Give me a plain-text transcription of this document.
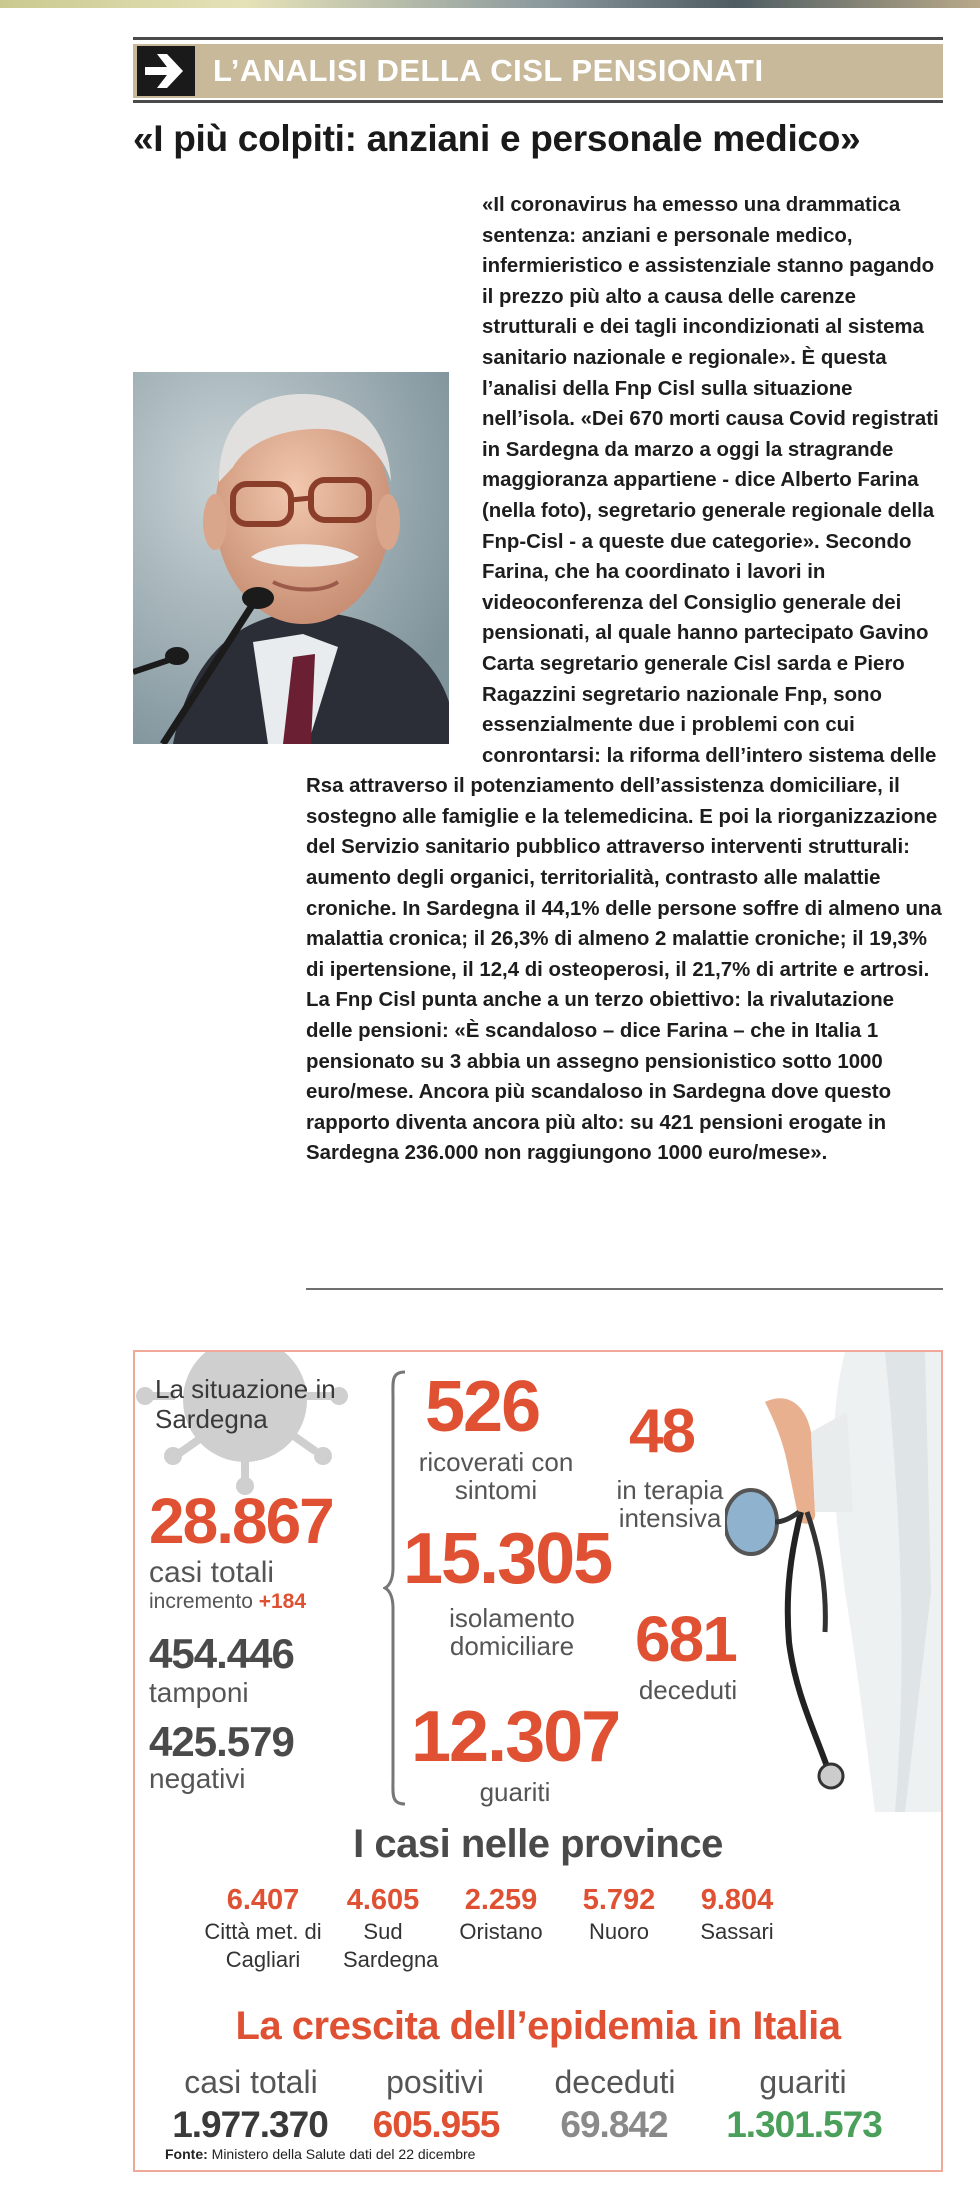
L’ANALISI DELLA CISL PENSIONATI
«I più colpiti: anziani e personale medico»
«Il coronavirus ha emesso una drammatica sentenza: anziani e personale medico, infermieristico e assistenziale stanno pagando il prezzo più alto a causa delle carenze strutturali e dei tagli incondizionati al sistema sanitario nazionale e regionale». È questa l’analisi della Fnp Cisl sulla situazione nell’isola. «Dei 670 morti causa Covid registrati in Sardegna da marzo a oggi la stragrande maggioranza appartiene - dice Alberto Farina (nella foto), segretario generale regionale della Fnp-Cisl - a queste due categorie». Secondo Farina, che ha coordinato i lavori in videoconferenza del Consiglio generale dei pensionati, al quale hanno partecipato Gavino Carta segretario generale Cisl sarda e Piero Ragazzini segretario nazionale Fnp, sono essenzialmente due i problemi con cui conrontarsi: la riforma dell’intero sistema delle Rsa attraverso il potenziamento dell’assistenza domiciliare, il sostegno alle famiglie e la telemedicina. E poi la riorganizzazione del Servizio sanitario pubblico attraverso interventi strutturali: aumento degli organici, territorialità, contrasto alle malattie croniche. In Sardegna il 44,1% delle persone soffre di almeno una malattia cronica; il 26,3% di almeno 2 malattie croniche; il 19,3% di ipertensione, il 12,4 di osteoperosi, il 21,7% di artrite e artrosi. La Fnp Cisl punta anche a un terzo obiettivo: la rivalutazione delle pensioni: «È scandaloso – dice Farina – che in Italia 1 pensionato su 3 abbia un assegno pensionistico sotto 1000 euro/mese. Ancora più scandaloso in Sardegna dove questo rapporto diventa ancora più alto: su 421 pensioni erogate in Sardegna 236.000 non raggiungono 1000 euro/mese».
La situazione in Sardegna
28.867
casi totali
incremento +184
454.446
tamponi
425.579
negativi
526
ricoverati con sintomi
48
in terapia intensiva
15.305
isolamento domiciliare 681
deceduti
12.307
guariti
I casi nelle province
6.407
Città met. di Cagliari
4.605
Sud Sardegna
2.259
Oristano
5.792
Nuoro
9.804
Sassari
La crescita dell’epidemia in Italia
casi totali
1.977.370
positivi
605.955
deceduti
69.842
guariti
1.301.573
Fonte: Ministero della Salute dati del 22 dicembre
